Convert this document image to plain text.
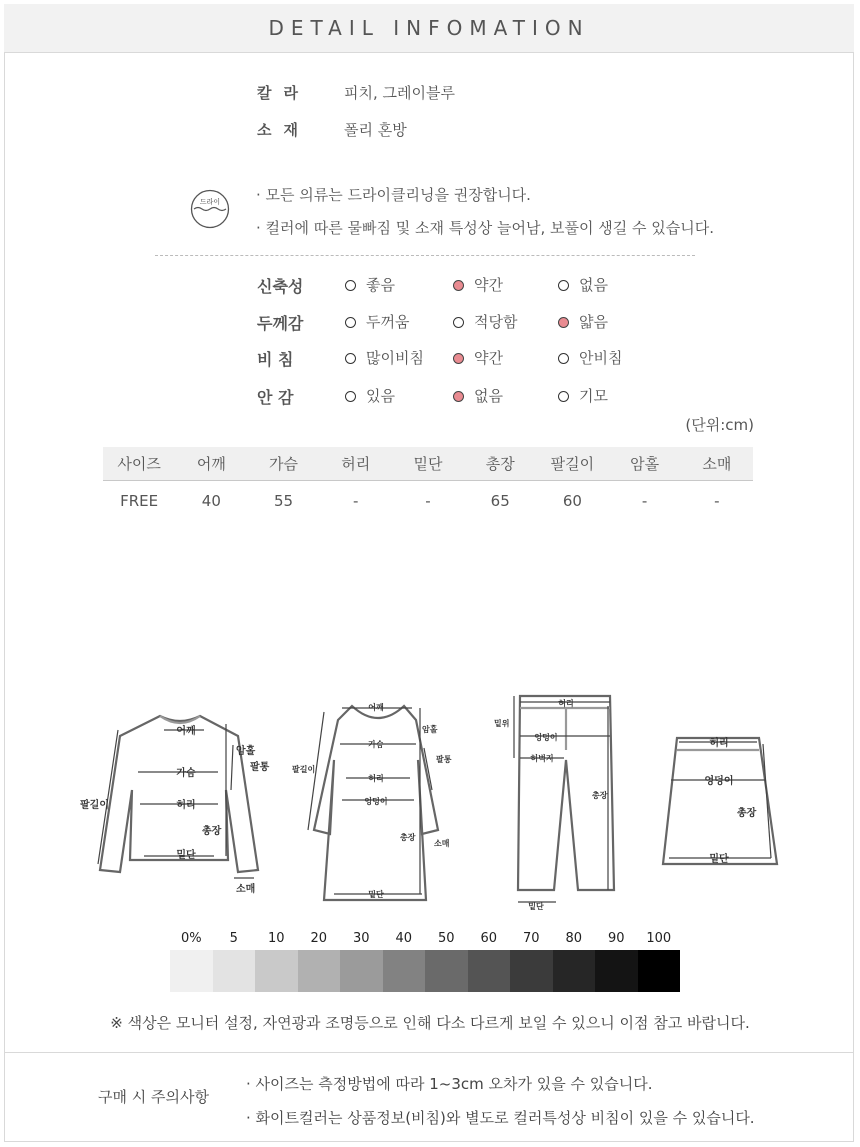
DETAIL INFOMATION
칼라	피치, 그레이블루
소재	폴리 혼방
드라이 · 모든 의류는 드라이클리닝을 권장합니다.
· 컬러에 따른 물빠짐 및 소재 특성상 늘어남, 보풀이 생길 수 있습니다.
신축성	좋음	약간	없음
두께감	두꺼움	적당함	얇음
비 침	많이비침	약간	안비침
안 감	있음	없음	기모
(단위:cm)
사이즈	어깨	가슴	허리	밑단	총장	팔길이	암홀	소매
FREE	40	55	-	-	65	60	-	-
어깨
암홀
팔통
가슴
허리
팔길이
총장
밑단
소매
어깨
암홀
가슴
팔통
팔길이
허리
엉덩이
총장
소매
밑단
허리
밑위
엉덩이
허벅지
총장
밑단
허리
엉덩이
총장
밑단
0%	5	10	20	30	40	50	60	70	80	90	100
※ 색상은 모니터 설정, 자연광과 조명등으로 인해 다소 다르게 보일 수 있으니 이점 참고 바랍니다.
구매 시 주의사항
· 사이즈는 측정방법에 따라 1~3cm 오차가 있을 수 있습니다.
· 화이트컬러는 상품정보(비침)와 별도로 컬러특성상 비침이 있을 수 있습니다.
